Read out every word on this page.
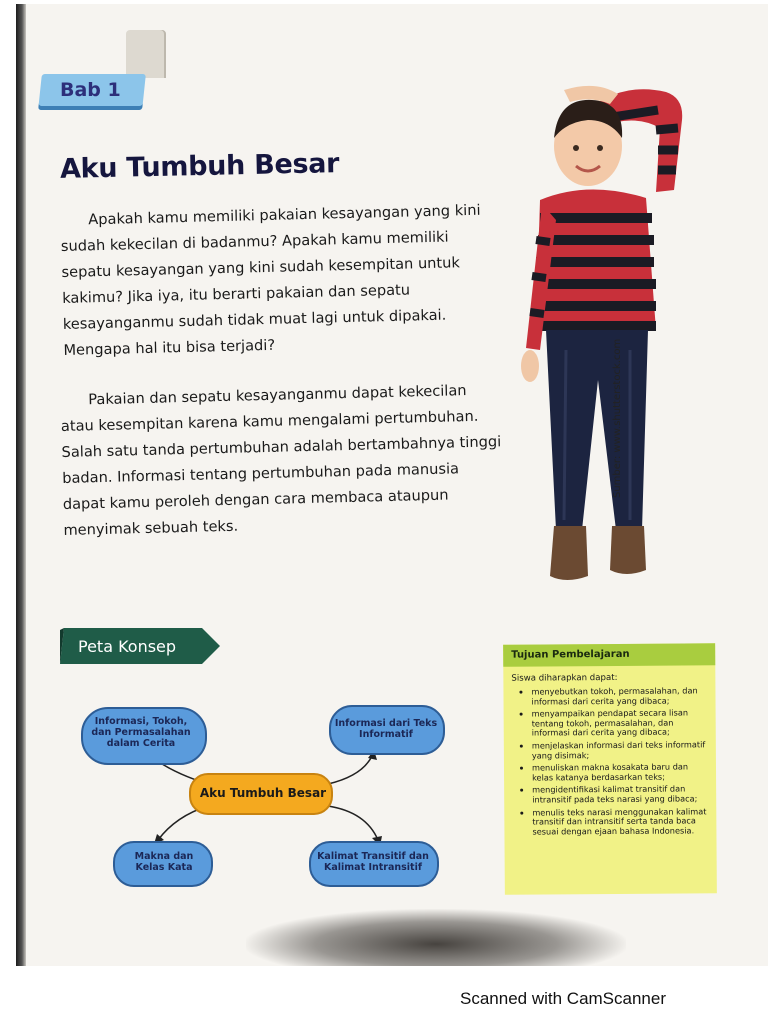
Bab 1
Aku Tumbuh Besar

Apakah kamu memiliki pakaian kesayangan yang kini sudah kekecilan di badanmu? Apakah kamu memiliki sepatu kesayangan yang kini sudah kesempitan untuk kakimu? Jika iya, itu berarti pakaian dan sepatu kesayanganmu sudah tidak muat lagi untuk dipakai. Mengapa hal itu bisa terjadi?

Pakaian dan sepatu kesayanganmu dapat kekecilan atau kesempitan karena kamu mengalami pertumbuhan. Salah satu tanda pertumbuhan adalah bertambahnya tinggi badan. Informasi tentang pertumbuhan pada manusia dapat kamu peroleh dengan cara membaca ataupun menyimak sebuah teks.

Sumber: www.shutterstock.com
Peta Konsep
Informasi, Tokoh, dan Permasalahan dalam Cerita
Informasi dari Teks Informatif
Makna dan Kelas Kata
Kalimat Transitif dan Kalimat Intransitif
Aku Tumbuh Besar
Tujuan Pembelajaran
Siswa diharapkan dapat:
• menyebutkan tokoh, permasalahan, dan informasi dari cerita yang dibaca;
• menyampaikan pendapat secara lisan tentang tokoh, permasalahan, dan informasi dari cerita yang dibaca;
• menjelaskan informasi dari teks informatif yang disimak;
• menuliskan makna kosakata baru dan kelas katanya berdasarkan teks;
• mengidentifikasi kalimat transitif dan intransitif pada teks narasi yang dibaca;
• menulis teks narasi menggunakan kalimat transitif dan intransitif serta tanda baca sesuai dengan ejaan bahasa Indonesia.
Scanned with CamScanner
